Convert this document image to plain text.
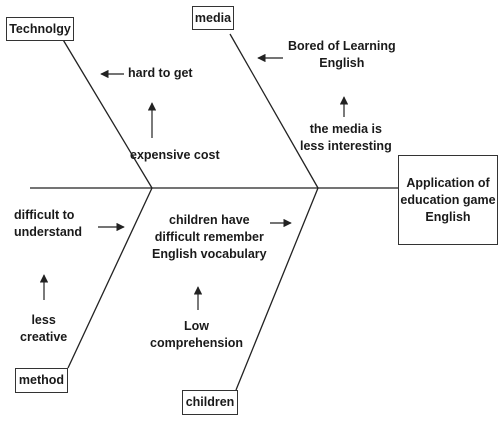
Technolgy
media
method
children
Application of
education game
English
hard to get
expensive cost
Bored of Learning
English
the media is
less interesting
difficult to
understand
less
creative
children have
difficult remember
English vocabulary
Low
comprehension
